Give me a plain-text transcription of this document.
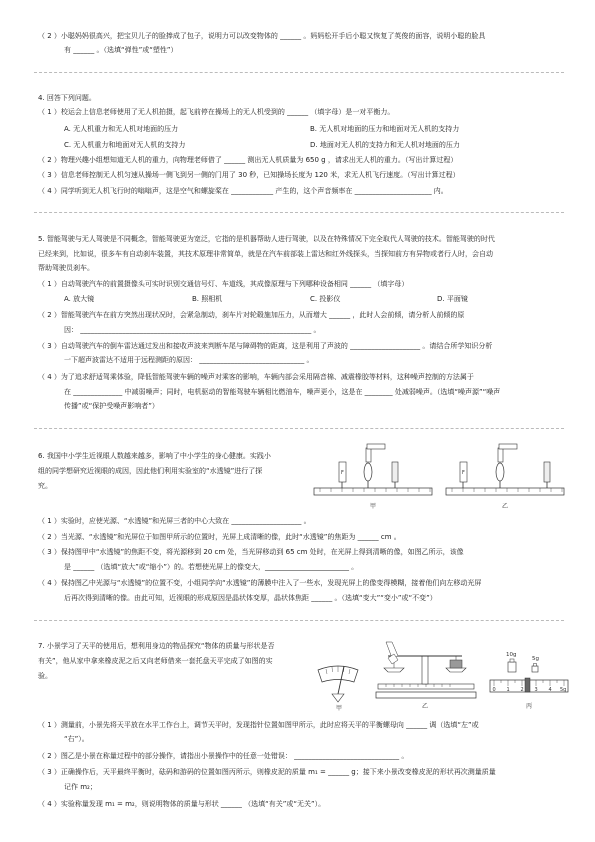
（ 2 ）小聪妈妈很高兴，把宝贝儿子的脸捧成了包子，说明力可以改变物体的 ______ 。妈妈松开手后小聪又恢复了英俊的面容，说明小聪的脸具
有 ______ 。（选填“弹性”或“塑性”）
4. 回答下列问题。
（ 1 ）校运会上信息老师使用了无人机拍摄，起飞前停在操场上的无人机受到的 ______ （填字母）是一对平衡力。
A. 无人机重力和无人机对地面的压力	B. 无人机对地面的压力和地面对无人机的支持力
C. 无人机重力和地面对无人机的支持力	D. 地面对无人机的支持力和无人机对地面的压力
（ 2 ）物理兴趣小组想知道无人机的重力，向物理老师借了 ______ 测出无人机质量为 650 g ，请求出无人机的重力。（写出计算过程）
（ 3 ）信息老师控制无人机匀速从操场一侧飞到另一侧的门用了 30 秒，已知操场长度为 120 米，求无人机飞行速度。（写出计算过程）
（ 4 ）同学听到无人机飞行时的嗡嗡声，这是空气和螺旋桨在 ____________ 产生的，这个声音频率在 ______________________ 内。
5. 智能驾驶与无人驾驶是不同概念，智能驾驶更为宽泛，它指的是机器帮助人进行驾驶，以及在特殊情况下完全取代人驾驶的技术。智能驾驶的时代
已经来到，比如说，很多车有自动刹车装置，其技术原理非常简单，就是在汽车前部装上雷达和红外线探头，当探知前方有异物或者行人时，会自动
帮助驾驶员刹车。
（ 1 ）自动驾驶汽车的前置摄像头可实时识别交通信号灯、车道线，其成像原理与下列哪种设备相同 ______ （填字母）
A. 放大镜	B. 照相机	C. 投影仪	D. 平面镜
（ 2 ）智能驾驶汽车在前方突然出现状况时，会紧急制动，刹车片对轮毂施加压力，从而增大 ______ ，此时人会前倾，请分析人前倾的原
因： __________________________________________________________________ 。
（ 3 ）自动驾驶汽车的倒车雷达通过发出和接收声波来判断车尾与障碍物的距离，这是利用了声波的 ____________________ 。请结合所学知识分析
一下超声波雷达不适用于远程测距的原因： ______________________________ 。
（ 4 ）为了追求舒适驾乘体验，降低智能驾驶车辆的噪声对乘客的影响，车辆内部会采用隔音棉、减震橡胶等材料，这种噪声控制的方法属于
在 ______________ 中减弱噪声；同时，电机驱动的智能驾驶车辆相比燃油车，噪声更小，这是在 ________ 处减弱噪声。（选填“噪声源”“噪声
传播”或“保护受噪声影响者”）
6. 我国中小学生近视眼人数越来越多，影响了中小学生的身心健康。实践小
组的同学想研究近视眼的成因，因此他们利用实验室的“水透镜”进行了探
究。
F
甲
F
乙
（ 1 ）实验时，应使光源、“水透镜”和光屏三者的中心大致在 ____________________ 。
（ 2 ）当光源、“水透镜”和光屏位于如图甲所示的位置时，光屏上成清晰的像，此时“水透镜”的焦距为 ______ cm 。
（ 3 ）保持图甲中“水透镜”的焦距不变，将光源移到 20 cm 处，当光屏移动到 65 cm 处时，在光屏上得到清晰的像，如图乙所示，该像
是 ______ （选填“放大”或“缩小”）的。若想使光屏上的像变大，________________________ 。
（ 4 ）保持图乙中光源与“水透镜”的位置不变，小组同学向“水透镜”的薄膜中注入了一些水，发现光屏上的像变得模糊，接着他们向左移动光屏
后再次得到清晰的像。由此可知，近视眼的形成原因是晶状体变厚，晶状体焦距 ______ 。（选填“变大”“变小”或“不变”）
7. 小景学习了天平的使用后，想利用身边的物品探究“物体的质量与形状是否
有关”，他从家中拿来橡皮泥之后又向老师借来一套托盘天平完成了如图的实
验。
甲	乙
10g
5g
0 1 2 3 4 5g
丙
（ 1 ）测量前，小景先将天平放在水平工作台上，调节天平时，发现指针位置如图甲所示，此时应将天平的平衡螺母向 ______ 调（选填“左”或
“右”）。
（ 2 ）图乙是小景在称量过程中的部分操作，请指出小景操作中的任意一处错误： ______________________________ 。
（ 3 ）正确操作后，天平最终平衡时，砝码和游码的位置如图丙所示，则橡皮泥的质量 m₁ = ______ g；接下来小景改变橡皮泥的形状再次测量质量
记作 m₂；
（ 4 ）实验称量发现 m₁ = m₂，则说明物体的质量与形状 ______ （选填“有关”或“无关”）。
